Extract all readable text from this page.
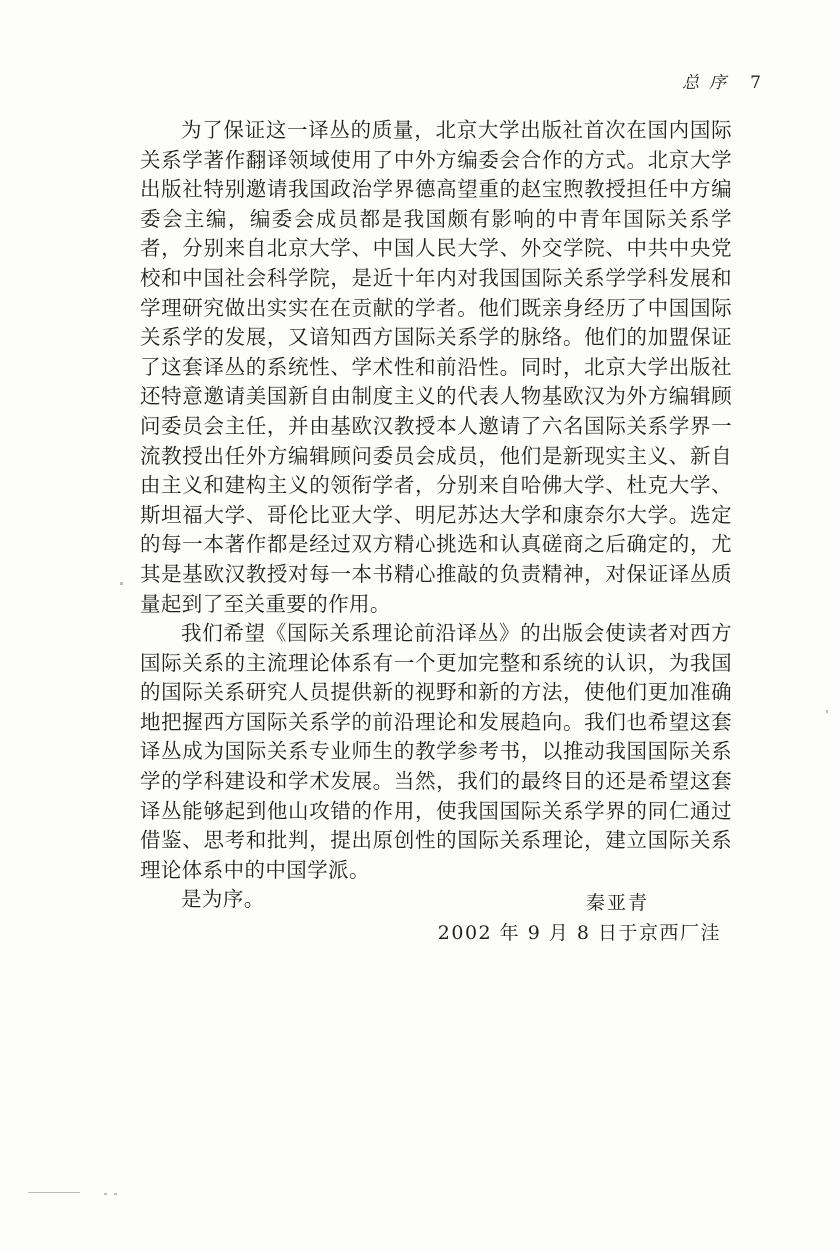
总序 7

为了保证这一译丛的质量，北京大学出版社首次在国内国际关系学著作翻译领域使用了中外方编委会合作的方式。北京大学出版社特别邀请我国政治学界德高望重的赵宝煦教授担任中方编委会主编，编委会成员都是我国颇有影响的中青年国际关系学者，分别来自北京大学、中国人民大学、外交学院、中共中央党校和中国社会科学院，是近十年内对我国国际关系学学科发展和学理研究做出实实在在贡献的学者。他们既亲身经历了中国国际关系学的发展，又谙知西方国际关系学的脉络。他们的加盟保证了这套译丛的系统性、学术性和前沿性。同时，北京大学出版社还特意邀请美国新自由制度主义的代表人物基欧汉为外方编辑顾问委员会主任，并由基欧汉教授本人邀请了六名国际关系学界一流教授出任外方编辑顾问委员会成员，他们是新现实主义、新自由主义和建构主义的领衔学者，分别来自哈佛大学、杜克大学、斯坦福大学、哥伦比亚大学、明尼苏达大学和康奈尔大学。选定的每一本著作都是经过双方精心挑选和认真磋商之后确定的，尤其是基欧汉教授对每一本书精心推敲的负责精神，对保证译丛质量起到了至关重要的作用。

我们希望《国际关系理论前沿译丛》的出版会使读者对西方国际关系的主流理论体系有一个更加完整和系统的认识，为我国的国际关系研究人员提供新的视野和新的方法，使他们更加准确地把握西方国际关系学的前沿理论和发展趋向。我们也希望这套译丛成为国际关系专业师生的教学参考书，以推动我国国际关系学的学科建设和学术发展。当然，我们的最终目的还是希望这套译丛能够起到他山攻错的作用，使我国国际关系学界的同仁通过借鉴、思考和批判，提出原创性的国际关系理论，建立国际关系理论体系中的中国学派。

是为序。	秦亚青
2002 年 9 月 8 日于京西厂洼
